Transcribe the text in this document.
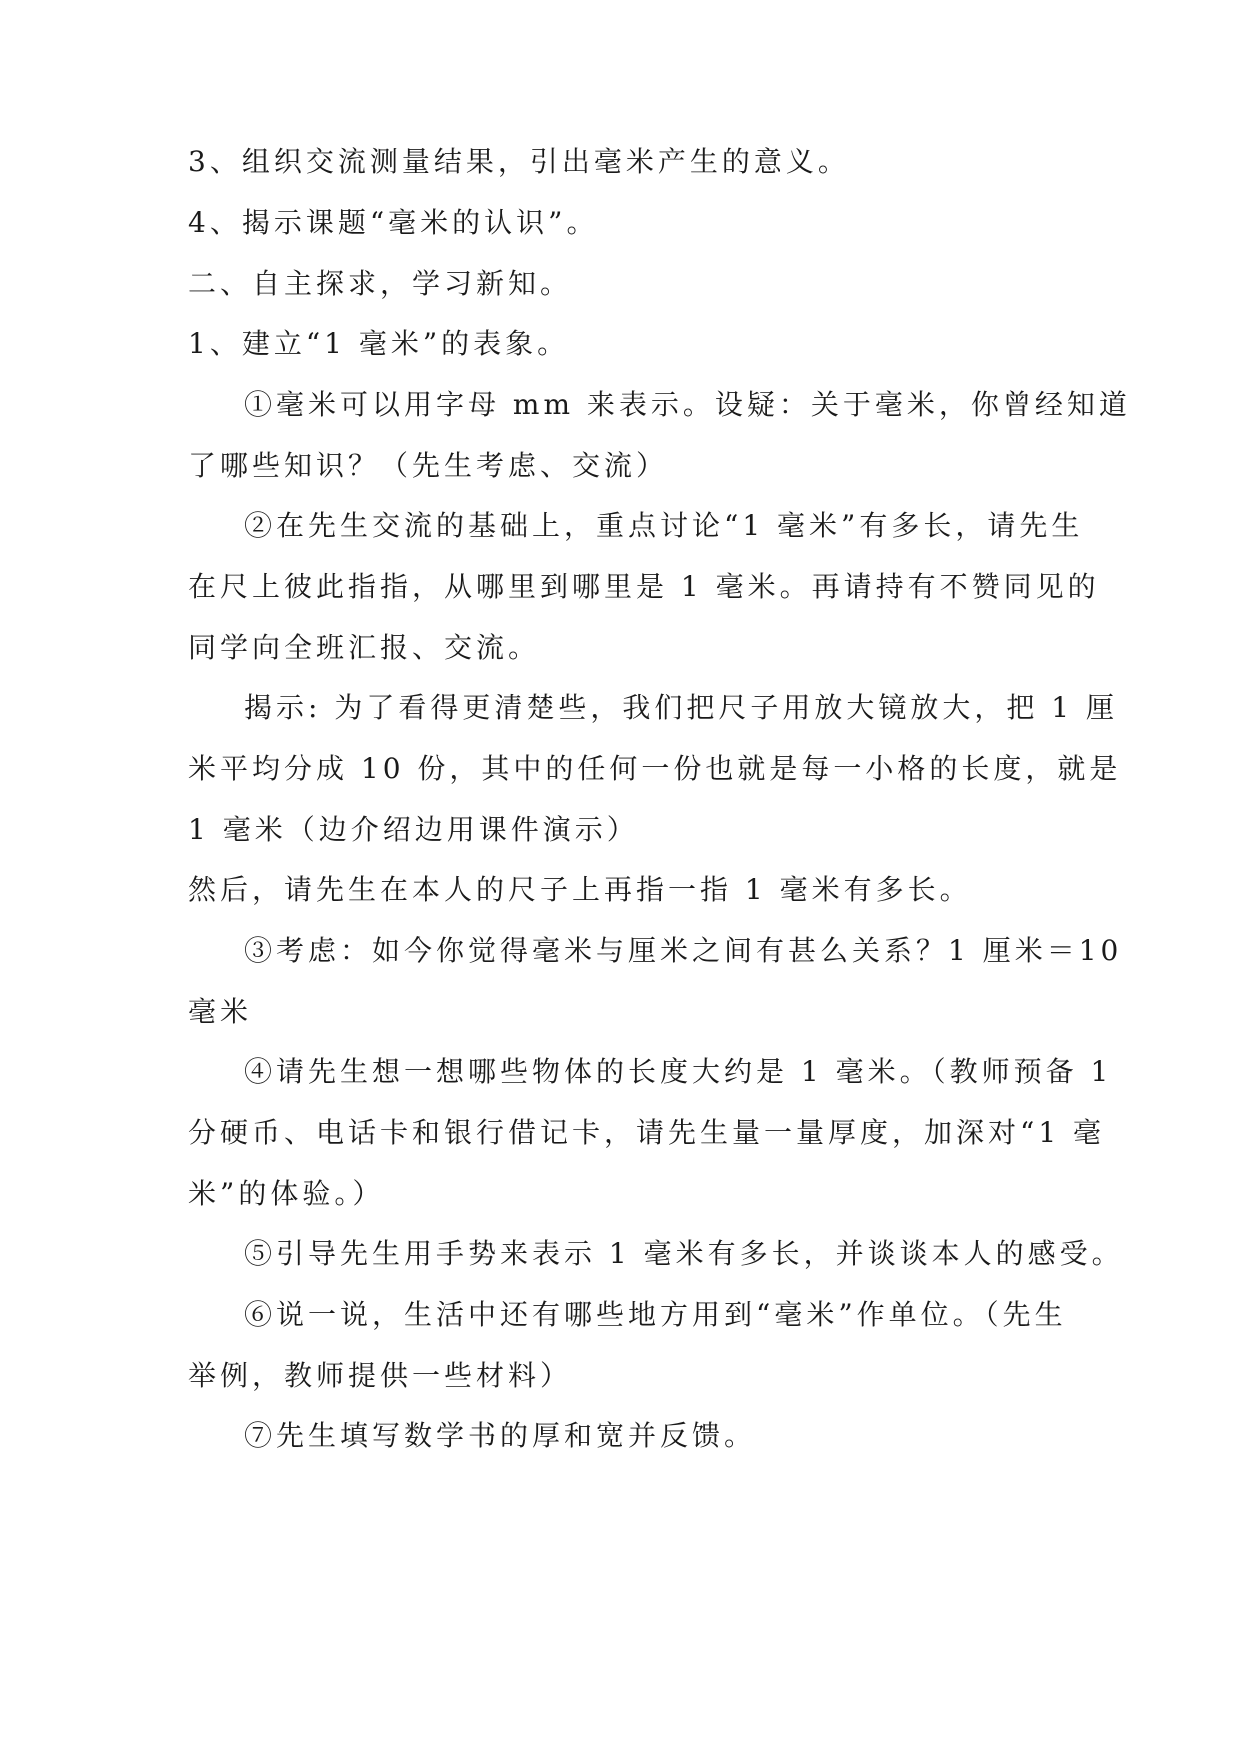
3、组织交流测量结果，引出毫米产生的意义。
4、揭示课题“毫米的认识”。
二、自主探求，学习新知。
1、建立“1 毫米”的表象。
①毫米可以用字母 mm 来表示。设疑：关于毫米，你曾经知道
了哪些知识？（先生考虑、交流）
②在先生交流的基础上，重点讨论“1 毫米”有多长，请先生
在尺上彼此指指，从哪里到哪里是 1 毫米。再请持有不赞同见的
同学向全班汇报、交流。
揭示: 为了看得更清楚些，我们把尺子用放大镜放大，把 1 厘
米平均分成 10 份，其中的任何一份也就是每一小格的长度，就是
1 毫米（边介绍边用课件演示）
然后，请先生在本人的尺子上再指一指 1 毫米有多长。
③考虑：如今你觉得毫米与厘米之间有甚么关系？1 厘米＝10
毫米
④请先生想一想哪些物体的长度大约是 1 毫米。（教师预备 1
分硬币、电话卡和银行借记卡，请先生量一量厚度，加深对“1 毫
米”的体验。）
⑤引导先生用手势来表示 1 毫米有多长，并谈谈本人的感受。
⑥说一说，生活中还有哪些地方用到“毫米”作单位。（先生
举例，教师提供一些材料）
⑦先生填写数学书的厚和宽并反馈。
